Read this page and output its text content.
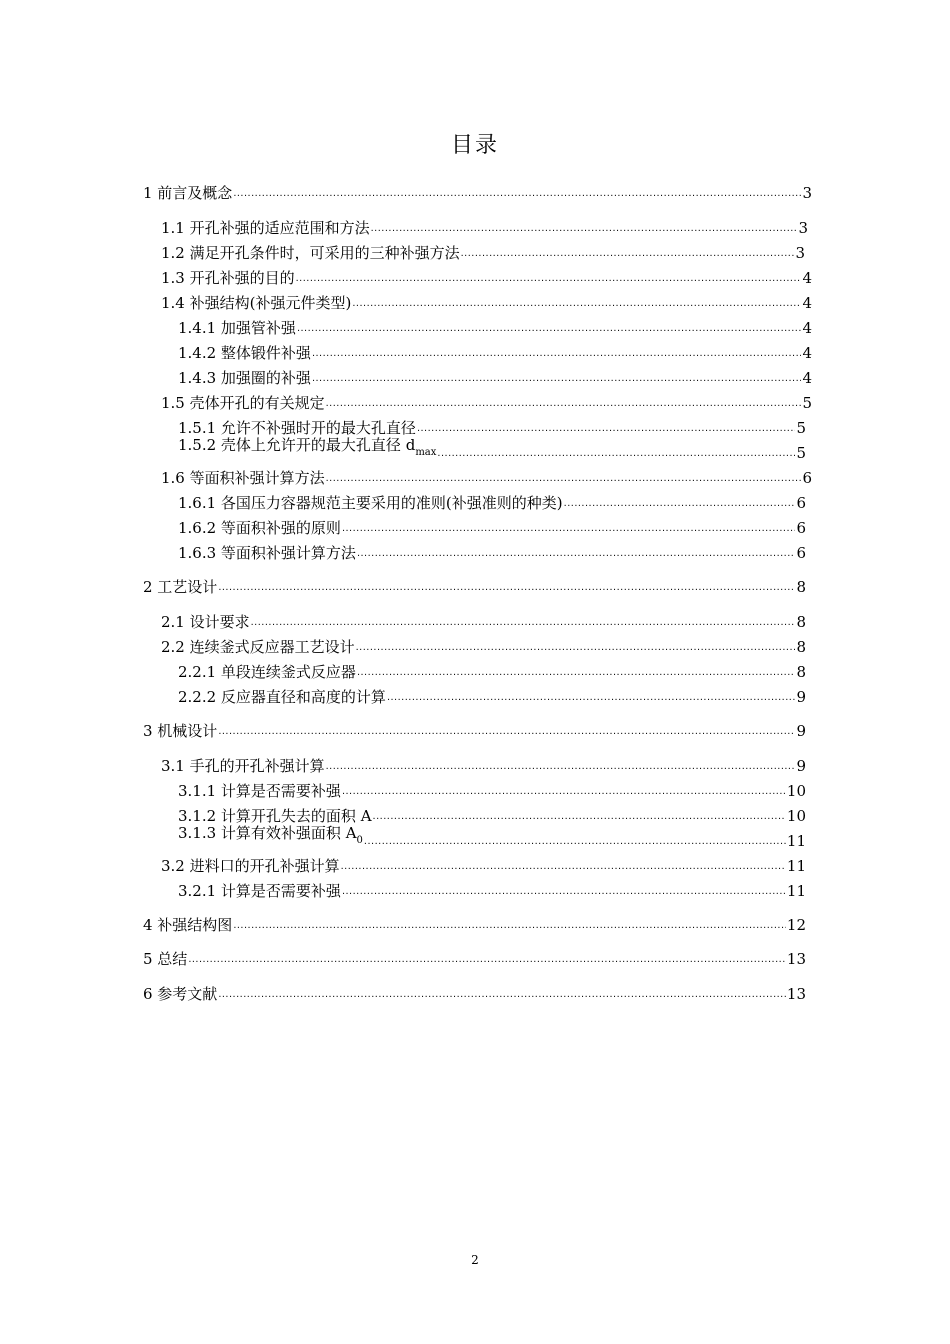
目录
1 前言及概念 .....	3
1.1 开孔补强的适应范围和方法 .....	3
1.2 满足开孔条件时，可采用的三种补强方法 .....	3
1.3 开孔补强的目的 .....	4
1.4 补强结构(补强元件类型) .....	4
1.4.1 加强管补强 .....	4
1.4.2 整体锻件补强 .....	4
1.4.3 加强圈的补强 .....	4
1.5 壳体开孔的有关规定 .....	5
1.5.1 允许不补强时开的最大孔直径 .....	5
1.5.2 壳体上允许开的最大孔直径 $d_{max}$ .....	5
1.6 等面积补强计算方法 .....	6
1.6.1 各国压力容器规范主要采用的准则(补强准则的种类) .....	6
1.6.2 等面积补强的原则 .....	6
1.6.3 等面积补强计算方法 .....	6
2 工艺设计 .....	8
2.1 设计要求 .....	8
2.2 连续釜式反应器工艺设计 .....	8
2.2.1 单段连续釜式反应器 .....	8
2.2.2 反应器直径和高度的计算 .....	9
3 机械设计 .....	9
3.1 手孔的开孔补强计算 .....	9
3.1.1 计算是否需要补强 .....	10
3.1.2 计算开孔失去的面积 A .....	10
3.1.3 计算有效补强面积 $A_0$ .....	11
3.2 进料口的开孔补强计算 .....	11
3.2.1 计算是否需要补强 .....	11
4 补强结构图 .....	12
5 总结 .....	13
6 参考文献 .....	13
2
